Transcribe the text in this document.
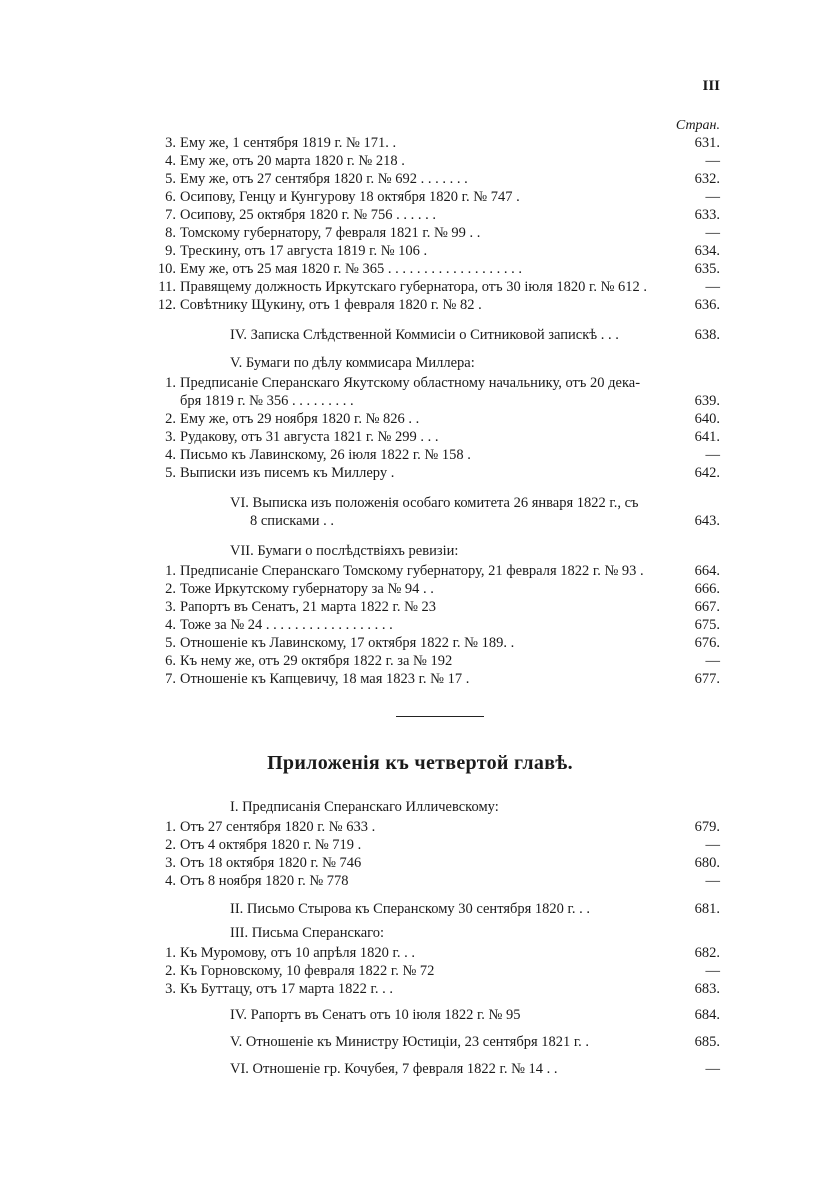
III
Стран.
3. Ему же, 1 сентября 1819 г. № 171. .	631.
4. Ему же, отъ 20 марта 1820 г. № 218 .	—
5. Ему же, отъ 27 сентября 1820 г. № 692 . . . . . . .	632.
6. Осипову, Генцу и Кунгурову 18 октября 1820 г. № 747 .	—
7. Осипову, 25 октября 1820 г. № 756 . . . . . .	633.
8. Томскому губернатору, 7 февраля 1821 г. № 99 . .	—
9. Трескину, отъ 17 августа 1819 г. № 106 .	634.
10. Ему же, отъ 25 мая 1820 г. № 365 . . . . . . . . . . . . . . . . . . .	635.
11. Правящему должность Иркутскаго губернатора, отъ 30 іюля 1820 г. № 612 .	—
12. Совѣтнику Щукину, отъ 1 февраля 1820 г. № 82 .	636.
IV. Записка Слѣдственной Коммисіи о Ситниковой запискѣ . . .	638.
V. Бумаги по дѣлу коммисара Миллера:
1. Предписаніе Сперанскаго Якутскому областному начальнику, отъ 20 дека-
бря 1819 г. № 356 . . . . . . . . .	639.
2. Ему же, отъ 29 ноября 1820 г. № 826 . .	640.
3. Рудакову, отъ 31 августа 1821 г. № 299 . . .	641.
4. Письмо къ Лавинскому, 26 іюля 1822 г. № 158 .	—
5. Выписки изъ писемъ къ Миллеру .	642.
VI. Выписка изъ положенія особаго комитета 26 января 1822 г., съ
8 списками . .	643.
VII. Бумаги о послѣдствіяхъ ревизіи:
1. Предписаніе Сперанскаго Томскому губернатору, 21 февраля 1822 г. № 93 .	664.
2. Тоже Иркутскому губернатору за № 94 . .	666.
3. Рапортъ въ Сенатъ, 21 марта 1822 г. № 23	667.
4. Тоже за № 24 . . . . . . . . . . . . . . . . . .	675.
5. Отношеніе къ Лавинскому, 17 октября 1822 г. № 189. .	676.
6. Къ нему же, отъ 29 октября 1822 г. за № 192	—
7. Отношеніе къ Капцевичу, 18 мая 1823 г. № 17 .	677.
Приложенія къ четвертой главѣ.
I. Предписанія Сперанскаго Илличевскому:
1. Отъ 27 сентября 1820 г. № 633 .	679.
2. Отъ 4 октября 1820 г. № 719 .	—
3. Отъ 18 октября 1820 г. № 746	680.
4. Отъ 8 ноября 1820 г. № 778	—
II. Письмо Стырова къ Сперанскому 30 сентября 1820 г. . .	681.
III. Письма Сперанскаго:
1. Къ Муромову, отъ 10 апрѣля 1820 г. . .	682.
2. Къ Горновскому, 10 февраля 1822 г. № 72	—
3. Къ Буттацу, отъ 17 марта 1822 г. . .	683.
IV. Рапортъ въ Сенатъ отъ 10 іюля 1822 г. № 95	684.
V. Отношеніе къ Министру Юстиціи, 23 сентября 1821 г. .	685.
VI. Отношеніе гр. Кочубея, 7 февраля 1822 г. № 14 . .	—
